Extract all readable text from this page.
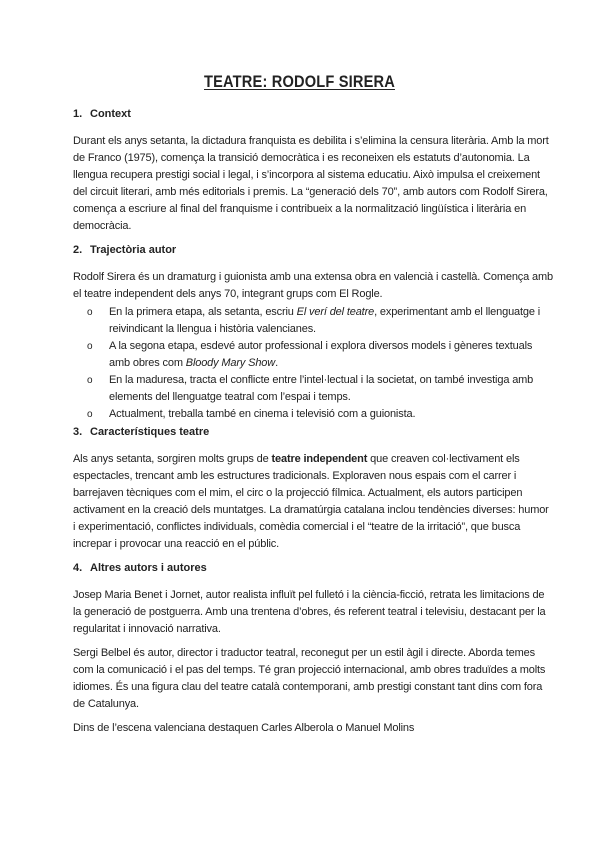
TEATRE: RODOLF SIRERA
1. Context

Durant els anys setanta, la dictadura franquista es debilita i s’elimina la censura literària. Amb la mort de Franco (1975), comença la transició democràtica i es reconeixen els estatuts d’autonomia. La llengua recupera prestigi social i legal, i s’incorpora al sistema educatiu. Això impulsa el creixement del circuit literari, amb més editorials i premis. La “generació dels 70”, amb autors com Rodolf Sirera, comença a escriure al final del franquisme i contribueix a la normalització lingüística i literària en democràcia.

2. Trajectòria autor

Rodolf Sirera és un dramaturg i guionista amb una extensa obra en valencià i castellà. Comença amb el teatre independent dels anys 70, integrant grups com El Rogle.

o En la primera etapa, als setanta, escriu El verí del teatre, experimentant amb el llenguatge i reivindicant la llengua i història valencianes.
o A la segona etapa, esdevé autor professional i explora diversos models i gèneres textuals amb obres com Bloody Mary Show.
o En la maduresa, tracta el conflicte entre l’intel·lectual i la societat, on també investiga amb elements del llenguatge teatral com l’espai i temps.
o Actualment, treballa també en cinema i televisió com a guionista.
3. Característiques teatre

Als anys setanta, sorgiren molts grups de teatre independent que creaven col·lectivament els espectacles, trencant amb les estructures tradicionals. Exploraven nous espais com el carrer i barrejaven tècniques com el mim, el circ o la projecció fílmica. Actualment, els autors participen activament en la creació dels muntatges. La dramatúrgia catalana inclou tendències diverses: humor i experimentació, conflictes individuals, comèdia comercial i el “teatre de la irritació”, que busca increpar i provocar una reacció en el públic.

4. Altres autors i autores

Josep Maria Benet i Jornet, autor realista influït pel fulletó i la ciència-ficció, retrata les limitacions de la generació de postguerra. Amb una trentena d’obres, és referent teatral i televisiu, destacant per la regularitat i innovació narrativa.

Sergi Belbel és autor, director i traductor teatral, reconegut per un estil àgil i directe. Aborda temes com la comunicació i el pas del temps. Té gran projecció internacional, amb obres traduïdes a molts idiomes. És una figura clau del teatre català contemporani, amb prestigi constant tant dins com fora de Catalunya.

Dins de l’escena valenciana destaquen Carles Alberola o Manuel Molins
